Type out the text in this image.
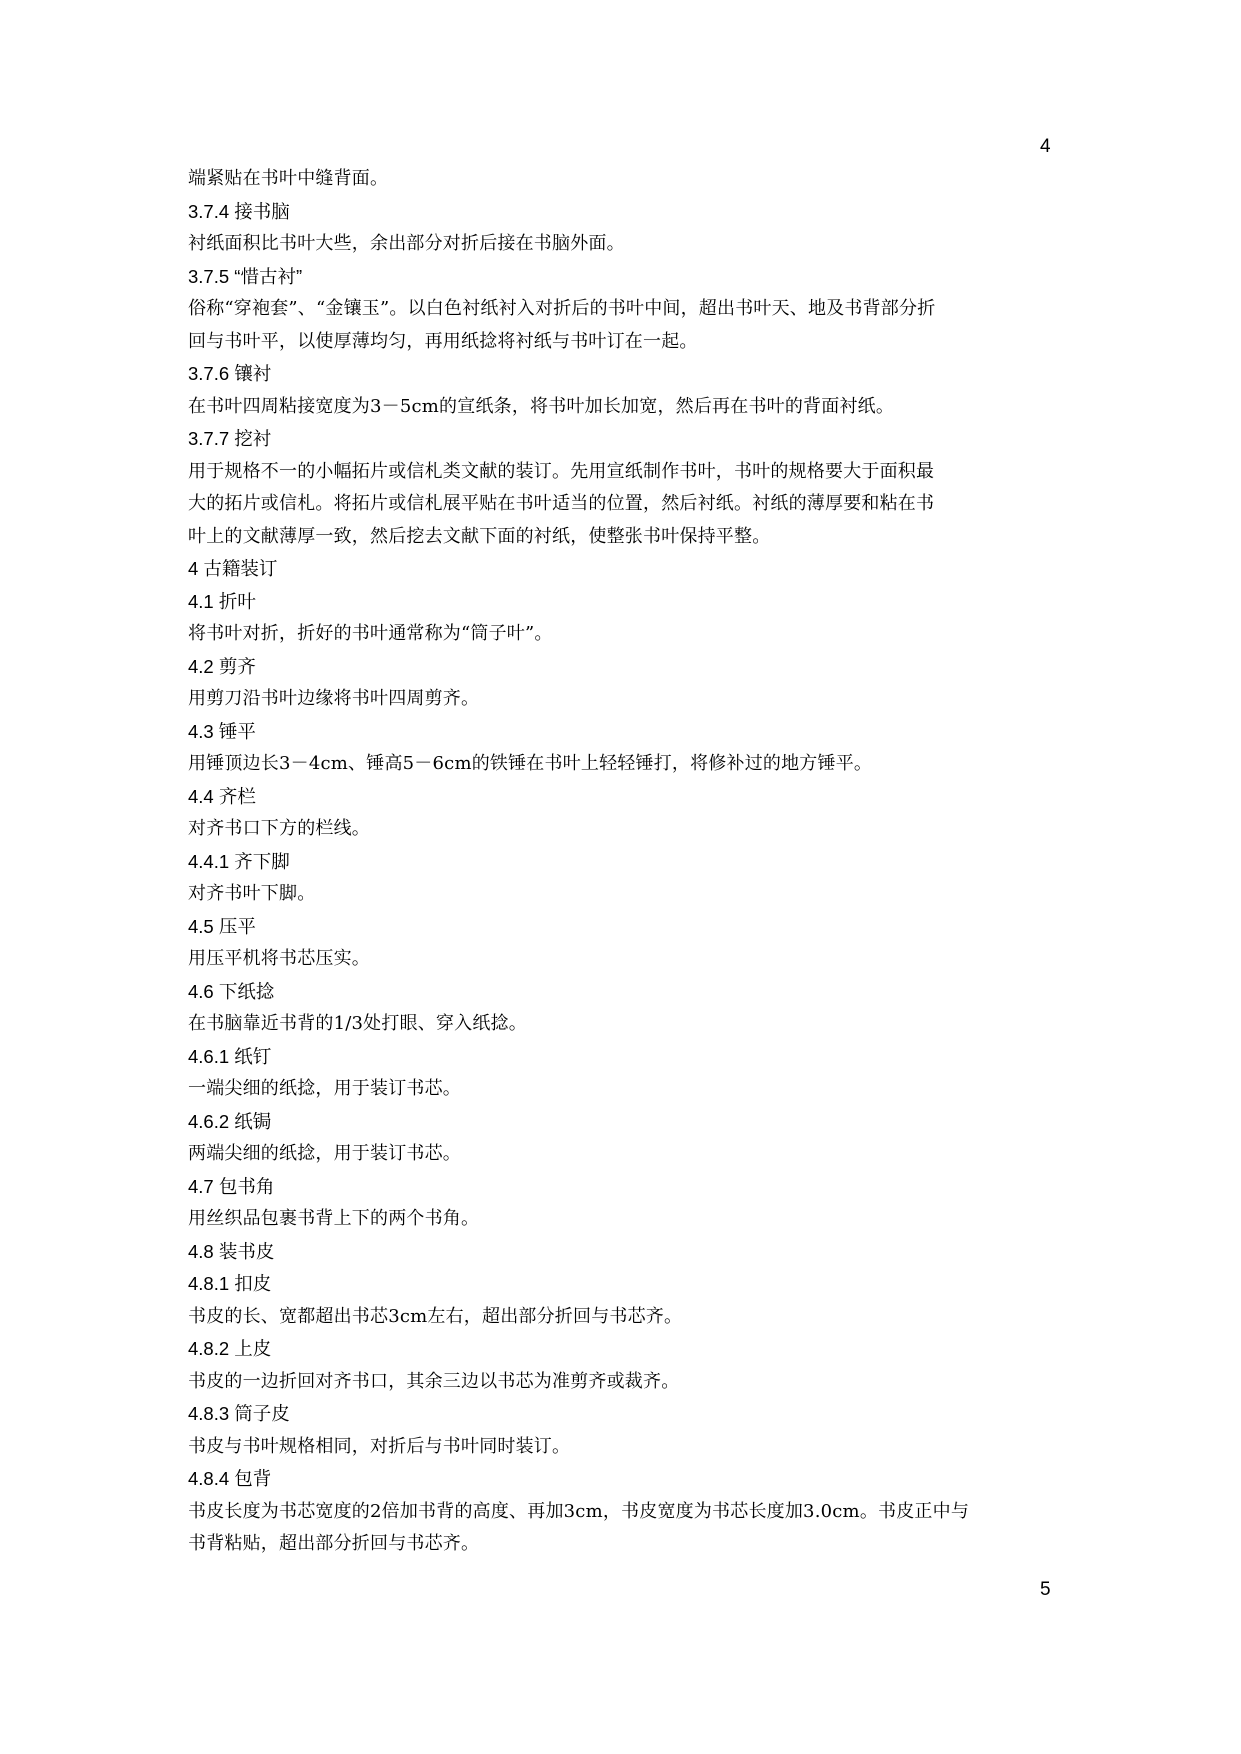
4
端紧贴在书叶中缝背面。
3.7.4 接书脑
衬纸面积比书叶大些，余出部分对折后接在书脑外面。
3.7.5 “惜古衬”
俗称“穿袍套”、“金镶玉”。以白色衬纸衬入对折后的书叶中间，超出书叶天、地及书背部分折
回与书叶平，以使厚薄均匀，再用纸捻将衬纸与书叶订在一起。
3.7.6 镶衬
在书叶四周粘接宽度为3－5cm的宣纸条，将书叶加长加宽，然后再在书叶的背面衬纸。
3.7.7 挖衬
用于规格不一的小幅拓片或信札类文献的装订。先用宣纸制作书叶，书叶的规格要大于面积最
大的拓片或信札。将拓片或信札展平贴在书叶适当的位置，然后衬纸。衬纸的薄厚要和粘在书
叶上的文献薄厚一致，然后挖去文献下面的衬纸，使整张书叶保持平整。
4 古籍装订
4.1 折叶
将书叶对折，折好的书叶通常称为“筒子叶”。
4.2 剪齐
用剪刀沿书叶边缘将书叶四周剪齐。
4.3 锤平
用锤顶边长3－4cm、锤高5－6cm的铁锤在书叶上轻轻锤打，将修补过的地方锤平。
4.4 齐栏
对齐书口下方的栏线。
4.4.1 齐下脚
对齐书叶下脚。
4.5 压平
用压平机将书芯压实。
4.6 下纸捻
在书脑靠近书背的1/3处打眼、穿入纸捻。
4.6.1 纸钉
一端尖细的纸捻，用于装订书芯。
4.6.2 纸锔
两端尖细的纸捻，用于装订书芯。
4.7 包书角
用丝织品包裹书背上下的两个书角。
4.8 装书皮
4.8.1 扣皮
书皮的长、宽都超出书芯3cm左右，超出部分折回与书芯齐。
4.8.2 上皮
书皮的一边折回对齐书口，其余三边以书芯为准剪齐或裁齐。
4.8.3 筒子皮
书皮与书叶规格相同，对折后与书叶同时装订。
4.8.4 包背
书皮长度为书芯宽度的2倍加书背的高度、再加3cm，书皮宽度为书芯长度加3.0cm。书皮正中与
书背粘贴，超出部分折回与书芯齐。
5
